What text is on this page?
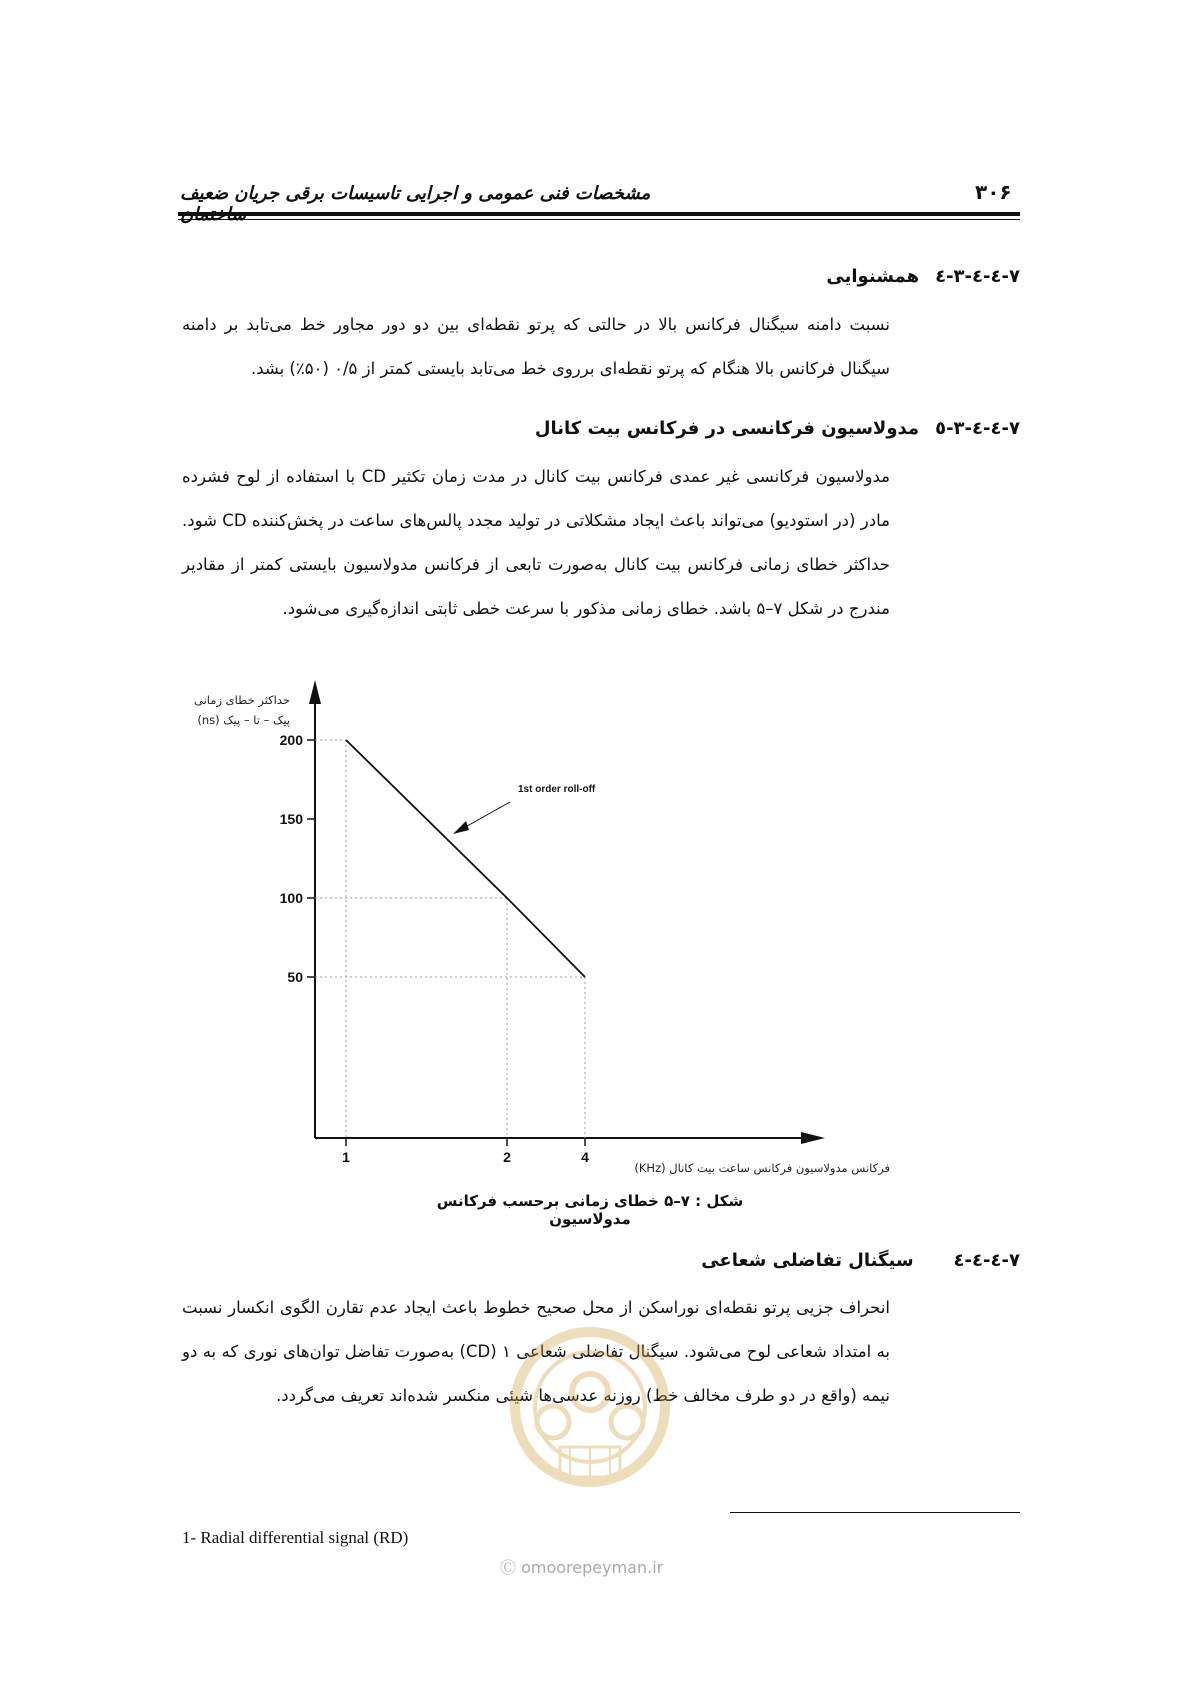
مشخصات فنی عمومی و اجرایی تاسیسات برقی جریان ضعیف	۳۰۶
۷-٤-٤-۳-٤همشنوایی
نسبت دامنه سیگنال فرکانس بالا در حالتی که پرتو نقطه‌ای بین دو دور مجاور خط می‌تابد بر دامنه سیگنال فرکانس بالا هنگام که پرتو نقطه‌ای برروی خط می‌تابد بایستی کمتر از ۰/۵ (۵۰٪) بشد.
۷-٤-٤-۳-٥مدولاسیون فرکانسی در فرکانس بیت کانال
مدولاسیون فرکانسی غیر عمدی فرکانس بیت کانال در مدت زمان تکثیر CD با استفاده از لوح فشرده مادر (در استودیو) می‌تواند باعث ایجاد مشکلاتی در تولید مجدد پالس‌های ساعت در پخش‌کننده CD شود. حداکثر خطای زمانی فرکانس بیت کانال به‌صورت تابعی از فرکانس مدولاسیون بایستی کمتر از مقادیر مندرج در شکل ۷–۵ باشد. خطای زمانی مذکور با سرعت خطی ثابتی اندازه‌گیری می‌شود.
حداکثر خطای زمانی
پیک – تا – پیک (ns)
50
100
150
200
1	2	4
1st order roll-off
فرکانس مدولاسیون فرکانس ساعت بیت کانال (KHz)
شکل : ۷–۵ خطای زمانی برحسب فرکانس مدولاسیون
۷-٤-٤-٤سیگنال تفاضلی شعاعی
انحراف جزیی پرتو نقطه‌ای نوراسکن از محل صحیح خطوط باعث ایجاد عدم تقارن الگوی انکسار نسبت به امتداد شعاعی لوح می‌شود. سیگنال تفاضلی شعاعی ۱ (CD) به‌صورت تفاضل توان‌های نوری که به دو نیمه (واقع در دو طرف مخالف خط) روزنه عدسی‌ها شیئی منکسر شده‌اند تعریف می‌گردد.
1- Radial differential signal (RD)
Ⓒ omoorepeyman.ir
